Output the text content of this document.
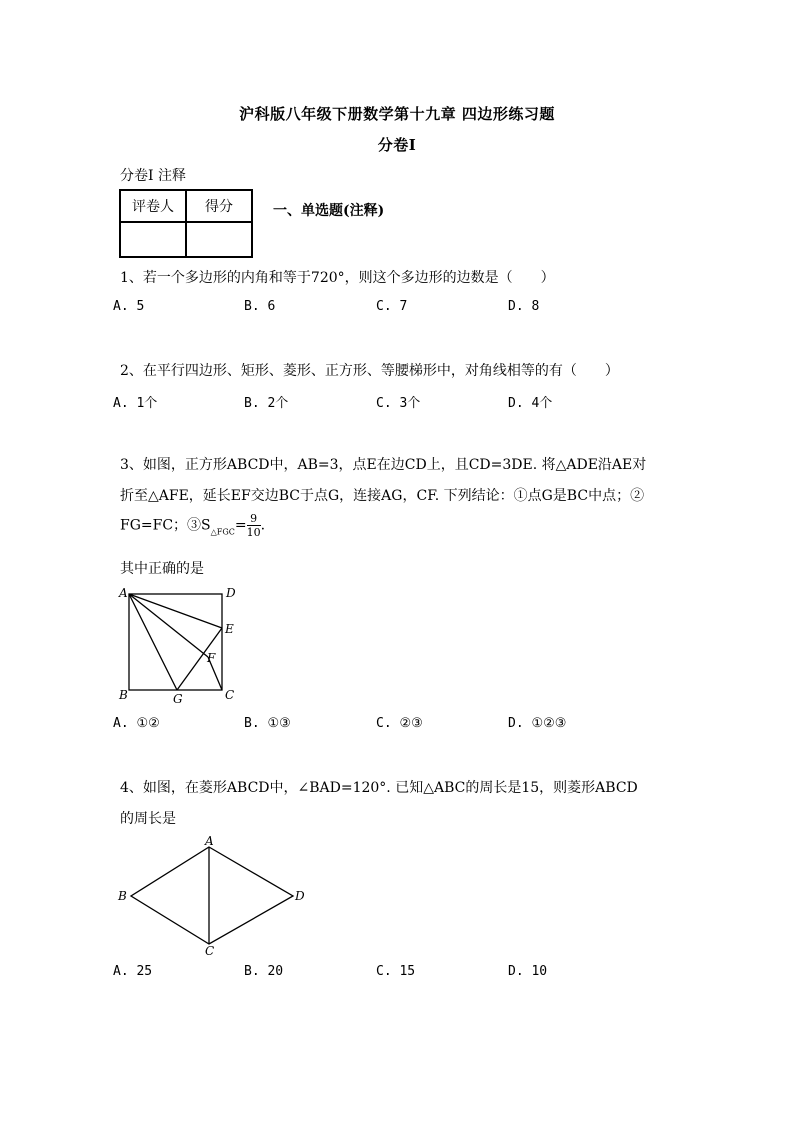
沪科版八年级下册数学第十九章 四边形练习题
分卷I
分卷I 注释
评卷人	得分
		一、单选题(注释)
1、若一个多边形的内角和等于720°，则这个多边形的边数是（　　）
A. 5	B. 6	C. 7	D. 8
2、在平行四边形、矩形、菱形、正方形、等腰梯形中，对角线相等的有（　　）
A. 1个	B. 2个	C. 3个	D. 4个
3、如图，正方形ABCD中，AB=3，点E在边CD上，且CD=3DE. 将△ADE沿AE对
折至△AFE，延长EF交边BC于点G，连接AG，CF. 下列结论：①点G是BC中点；②
FG=FC；$③S_{\triangle FGC}= \frac{9}{10}$ .
其中正确的是
A	D
E
F
B	G	C
A. ①②	B. ①③	C. ②③	D. ①②③
4、如图，在菱形ABCD中，∠BAD=120°. 已知△ABC的周长是15，则菱形ABCD
的周长是
A
B	D
C
A. 25	B. 20	C. 15	D. 10
